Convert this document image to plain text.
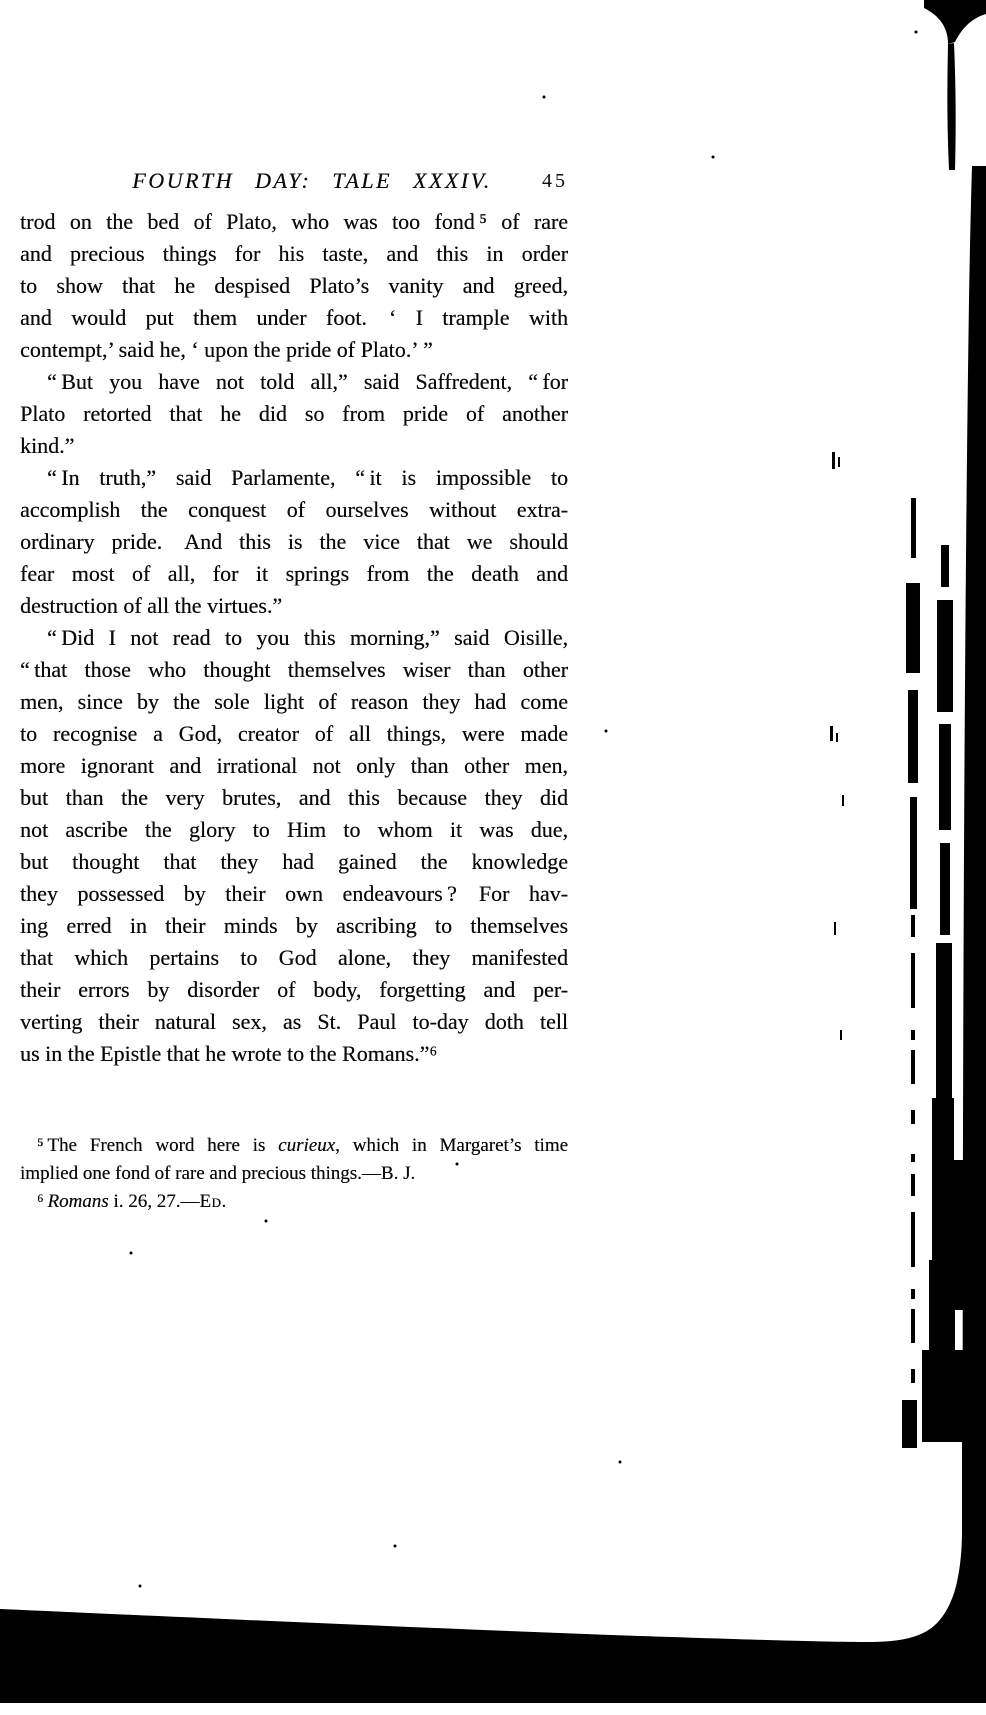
FOURTH DAY: TALE XXXIV.	45
trod on the bed of Plato, who was too fond ⁵ of rare
and precious things for his taste, and this in order
to show that he despised Plato’s vanity and greed,
and would put them under foot. ‘ I trample with
contempt,’ said he, ‘ upon the pride of Plato.’ ”
“ But you have not told all,” said Saffredent, “ for
Plato retorted that he did so from pride of another
kind.”
“ In truth,” said Parlamente, “ it is impossible to
accomplish the conquest of ourselves without extra-
ordinary pride. And this is the vice that we should
fear most of all, for it springs from the death and
destruction of all the virtues.”
“ Did I not read to you this morning,” said Oisille,
“ that those who thought themselves wiser than other
men, since by the sole light of reason they had come
to recognise a God, creator of all things, were made
more ignorant and irrational not only than other men,
but than the very brutes, and this because they did
not ascribe the glory to Him to whom it was due,
but thought that they had gained the knowledge
they possessed by their own endeavours ? For hav-
ing erred in their minds by ascribing to themselves
that which pertains to God alone, they manifested
their errors by disorder of body, forgetting and per-
verting their natural sex, as St. Paul to-day doth tell
us in the Epistle that he wrote to the Romans.”⁶
⁵ The French word here is curieux, which in Margaret’s time
implied one fond of rare and precious things.—B. J.
⁶ Romans i. 26, 27.—Ed.
